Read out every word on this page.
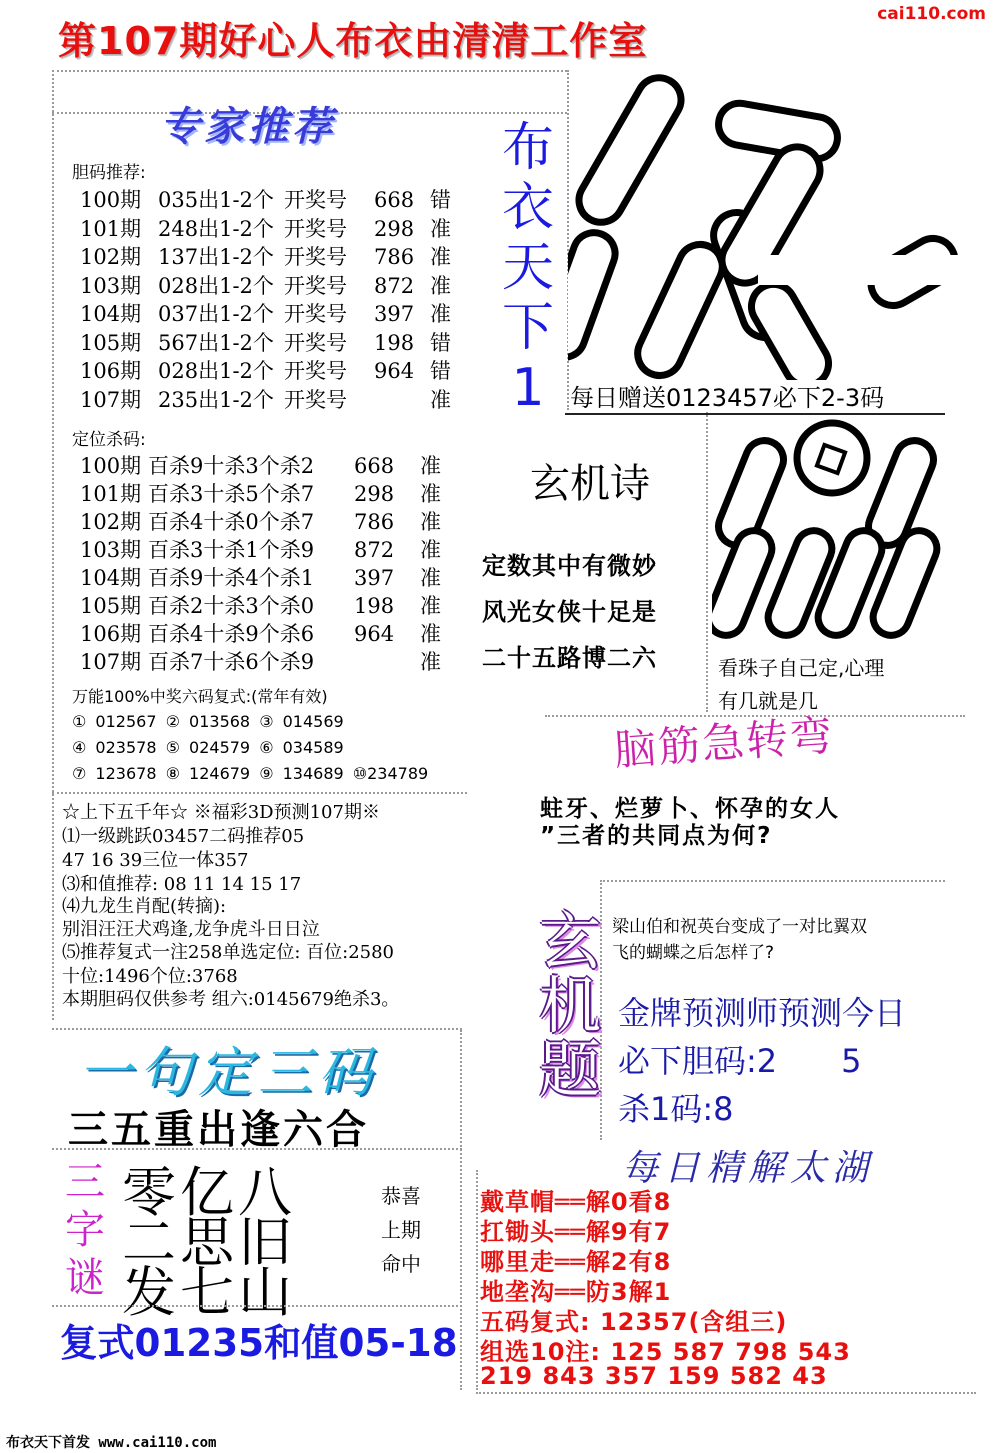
第107期好心人布衣由清清工作室
cai110.com
专家推荐
胆码推荐:
100期 035出1-2个 开奖号 668 错
101期 248出1-2个 开奖号 298 准
102期 137出1-2个 开奖号 786 准
103期 028出1-2个 开奖号 872 准
104期 037出1-2个 开奖号 397 准
105期 567出1-2个 开奖号 198 错
106期 028出1-2个 开奖号 964 错
107期 235出1-2个 开奖号	准
定位杀码:
100期 百杀9十杀3个杀2 668 准
101期 百杀3十杀5个杀7 298 准
102期 百杀4十杀0个杀7 786 准
103期 百杀3十杀1个杀9 872 准
104期 百杀9十杀4个杀1 397 准
105期 百杀2十杀3个杀0 198 准
106期 百杀4十杀9个杀6 964 准
107期 百杀7十杀6个杀9	准
万能100%中奖六码复式:(常年有效)
① 012567 ② 013568 ③ 014569
④ 023578 ⑤ 024579 ⑥ 034589
⑦ 123678 ⑧ 124679 ⑨ 134689 ⑩234789
☆上下五千年☆ ※福彩3D预测107期※
⑴一级跳跃03457二码推荐05
47 16 39三位一体357
⑶和值推荐: 08 11 14 15 17
⑷九龙生肖配(转摘):
别泪汪汪犬鸡逢,龙争虎斗日日泣
⑸推荐复式一注258单选定位: 百位:2580
十位:1496个位:3768
本期胆码仅供参考 组六:0145679绝杀3。
布
衣
天
下
1	每日赠送0123457必下2-3码
玄机诗
定数其中有微妙
风光女侠十足是
二十五路博二六	看珠子自己定,心理
有几就是几
脑筋急转弯
蛀牙、烂萝卜、怀孕的女人
”三者的共同点为何?
玄
机
题
梁山伯和祝英台变成了一对比翼双
飞的蝴蝶之后怎样了?
金牌预测师预测今日
必下胆码:2　　5
杀1码:8
每日精解太湖
戴草帽══解0看8
扛锄头══解9有7
哪里走══解2有8
地垄沟══防3解1
五码复式: 12357(含组三)
组选10注: 125 587 798 543
219 843 357 159 582 43
一句定三码
三五重出逢六合
三
字
谜
零亿八
二思旧
发七山
恭喜
上期
命中
复式01235和值05-18
布衣天下首发 www.cai110.com
